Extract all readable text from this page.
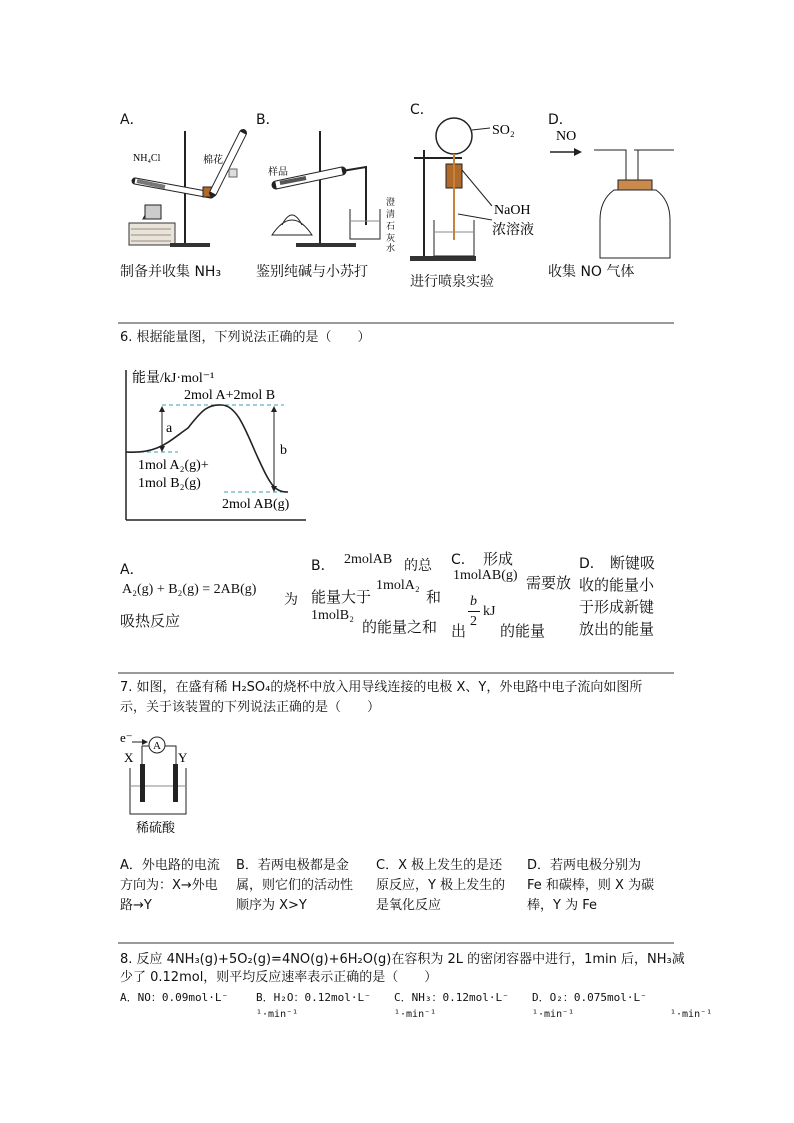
A．	B．
C．
D．
NH₄Cl	棉花
样品
澄
清
石
灰
水
SO₂
NaOH
浓溶液
NO
制备并收集 NH₃ 鉴别纯碱与小苏打
进行喷泉实验
收集 NO 气体
6. 根据能量图，下列说法正确的是（　　）
能量/kJ·mol⁻¹
a
b
2mol A+2mol B
1mol A₂(g)+
1mol B₂(g)
2mol AB(g)
A．
A₂(g) + B₂(g) = 2AB(g)
为
吸热反应
B． 2molAB 的总
能量大于
1molA₂
和
1molB₂
的能量之和
C． 形成
1molAB(g) 需要放
出
b
2
kJ
的能量
D． 断键吸
收的能量小
于形成新键
放出的能量
7. 如图，在盛有稀 H₂SO₄的烧杯中放入用导线连接的电极 X、Y，外电路中电子流向如图所
示，关于该装置的下列说法正确的是（　　）
e⁻
A
X	Y
稀硫酸
A．外电路的电流
方向为：X→外电
路→Y
B．若两电极都是金
属，则它们的活动性
顺序为 X>Y
C．X 极上发生的是还
原反应，Y 极上发生的
是氧化反应
D．若两电极分别为
Fe 和碳棒，则 X 为碳
棒，Y 为 Fe
8. 反应 4NH₃(g)+5O₂(g)=4NO(g)+6H₂O(g)在容积为 2L 的密闭容器中进行，1min 后，NH₃减
少了 0.12mol，则平均反应速率表示正确的是（　　）
A．NO：0.09mol·L⁻	B．H₂O：0.12mol·L⁻ C．NH₃：0.12mol·L⁻ D．O₂：0.075mol·L⁻
¹·min⁻¹	¹·min⁻¹	¹·min⁻¹	¹·min⁻¹
